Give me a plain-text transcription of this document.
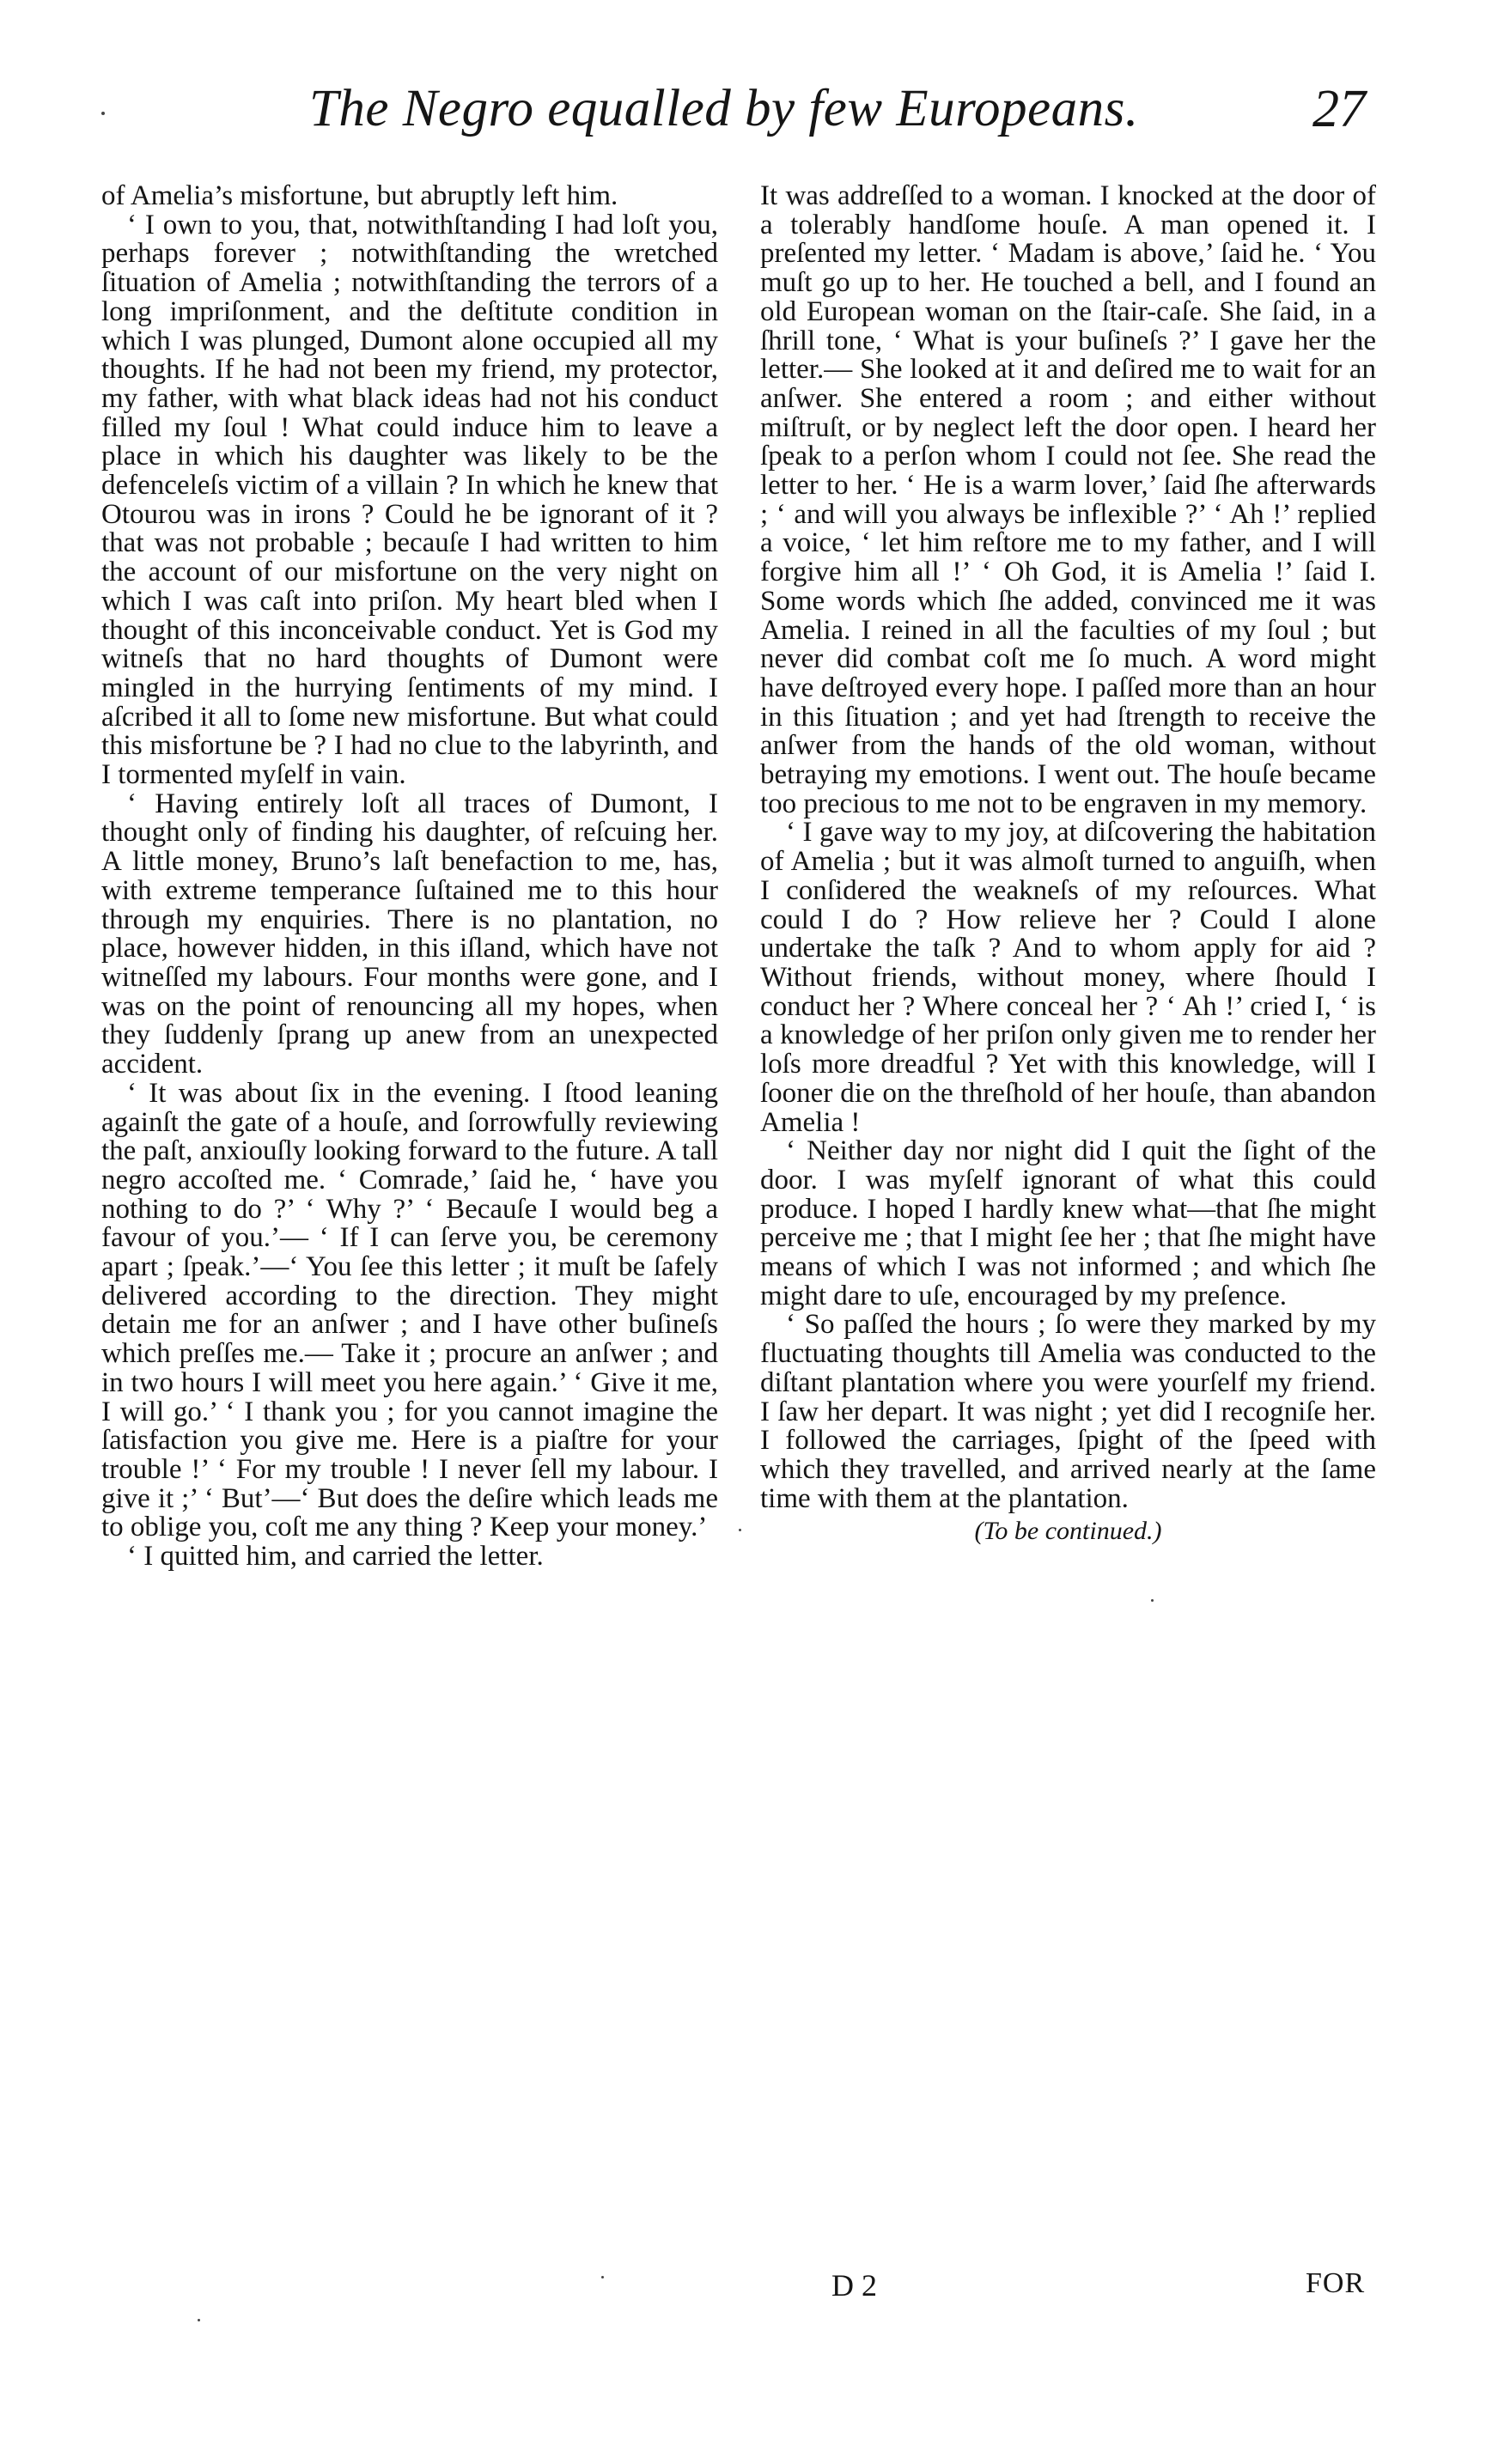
The Negro equalled by few Europeans.	27

of Amelia’s misfortune, but abruptly left him.

‘ I own to you, that, notwithſtanding I had loſt you, perhaps forever ; notwithſtanding the wretched ſituation of Amelia ; notwithſtanding the terrors of a long impriſonment, and the deſtitute condition in which I was plunged, Dumont alone occupied all my thoughts. If he had not been my friend, my protector, my father, with what black ideas had not his conduct filled my ſoul ! What could induce him to leave a place in which his daughter was likely to be the defenceleſs victim of a villain ? In which he knew that Otourou was in irons ? Could he be ignorant of it ? that was not probable ; becauſe I had written to him the account of our misfortune on the very night on which I was caſt into priſon. My heart bled when I thought of this inconceivable conduct. Yet is God my witneſs that no hard thoughts of Dumont were mingled in the hurrying ſentiments of my mind. I aſcribed it all to ſome new misfortune. But what could this misfortune be ? I had no clue to the labyrinth, and I tormented myſelf in vain.

‘ Having entirely loſt all traces of Dumont, I thought only of finding his daughter, of reſcuing her. A little money, Bruno’s laſt benefaction to me, has, with extreme temperance ſuſtained me to this hour through my enquiries. There is no plantation, no place, however hidden, in this iſland, which have not witneſſed my labours. Four months were gone, and I was on the point of renouncing all my hopes, when they ſuddenly ſprang up anew from an unexpected accident.

‘ It was about ſix in the evening. I ſtood leaning againſt the gate of a houſe, and ſorrowfully reviewing the paſt, anxiouſly looking forward to the future. A tall negro accoſted me. ‘ Comrade,’ ſaid he, ‘ have you nothing to do ?’ ‘ Why ?’ ‘ Becauſe I would beg a favour of you.’— ‘ If I can ſerve you, be ceremony apart ; ſpeak.’—‘ You ſee this letter ; it muſt be ſafely delivered according to the direction. They might detain me for an anſwer ; and I have other buſineſs which preſſes me.— Take it ; procure an anſwer ; and in two hours I will meet you here again.’ ‘ Give it me, I will go.’ ‘ I thank you ; for you cannot imagine the ſatisfaction you give me. Here is a piaſtre for your trouble !’ ‘ For my trouble ! I never ſell my labour. I give it ;’ ‘ But’—‘ But does the deſire which leads me to oblige you, coſt me any thing ? Keep your money.’

‘ I quitted him, and carried the letter.

It was addreſſed to a woman. I knocked at the door of a tolerably handſome houſe. A man opened it. I preſented my letter. ‘ Madam is above,’ ſaid he. ‘ You muſt go up to her. He touched a bell, and I found an old European woman on the ſtair-caſe. She ſaid, in a ſhrill tone, ‘ What is your buſineſs ?’ I gave her the letter.— She looked at it and deſired me to wait for an anſwer. She entered a room ; and either without miſtruſt, or by neglect left the door open. I heard her ſpeak to a perſon whom I could not ſee. She read the letter to her. ‘ He is a warm lover,’ ſaid ſhe afterwards ; ‘ and will you always be inflexible ?’ ‘ Ah !’ replied a voice, ‘ let him reſtore me to my father, and I will forgive him all !’ ‘ Oh God, it is Amelia !’ ſaid I. Some words which ſhe added, convinced me it was Amelia. I reined in all the faculties of my ſoul ; but never did combat coſt me ſo much. A word might have deſtroyed every hope. I paſſed more than an hour in this ſituation ; and yet had ſtrength to receive the anſwer from the hands of the old woman, without betraying my emotions. I went out. The houſe became too precious to me not to be engraven in my memory.

‘ I gave way to my joy, at diſcovering the habitation of Amelia ; but it was almoſt turned to anguiſh, when I conſidered the weakneſs of my reſources. What could I do ? How relieve her ? Could I alone undertake the taſk ? And to whom apply for aid ? Without friends, without money, where ſhould I conduct her ? Where conceal her ? ‘ Ah !’ cried I, ‘ is a knowledge of her priſon only given me to render her loſs more dreadful ? Yet with this knowledge, will I ſooner die on the threſhold of her houſe, than abandon Amelia !

‘ Neither day nor night did I quit the ſight of the door. I was myſelf ignorant of what this could produce. I hoped I hardly knew what—that ſhe might perceive me ; that I might ſee her ; that ſhe might have means of which I was not informed ; and which ſhe might dare to uſe, encouraged by my preſence.

‘ So paſſed the hours ; ſo were they marked by my fluctuating thoughts till Amelia was conducted to the diſtant plantation where you were yourſelf my friend. I ſaw her depart. It was night ; yet did I recogniſe her. I followed the carriages, ſpight of the ſpeed with which they travelled, and arrived nearly at the ſame time with them at the plantation.

(To be continued.)

D 2	FOR
